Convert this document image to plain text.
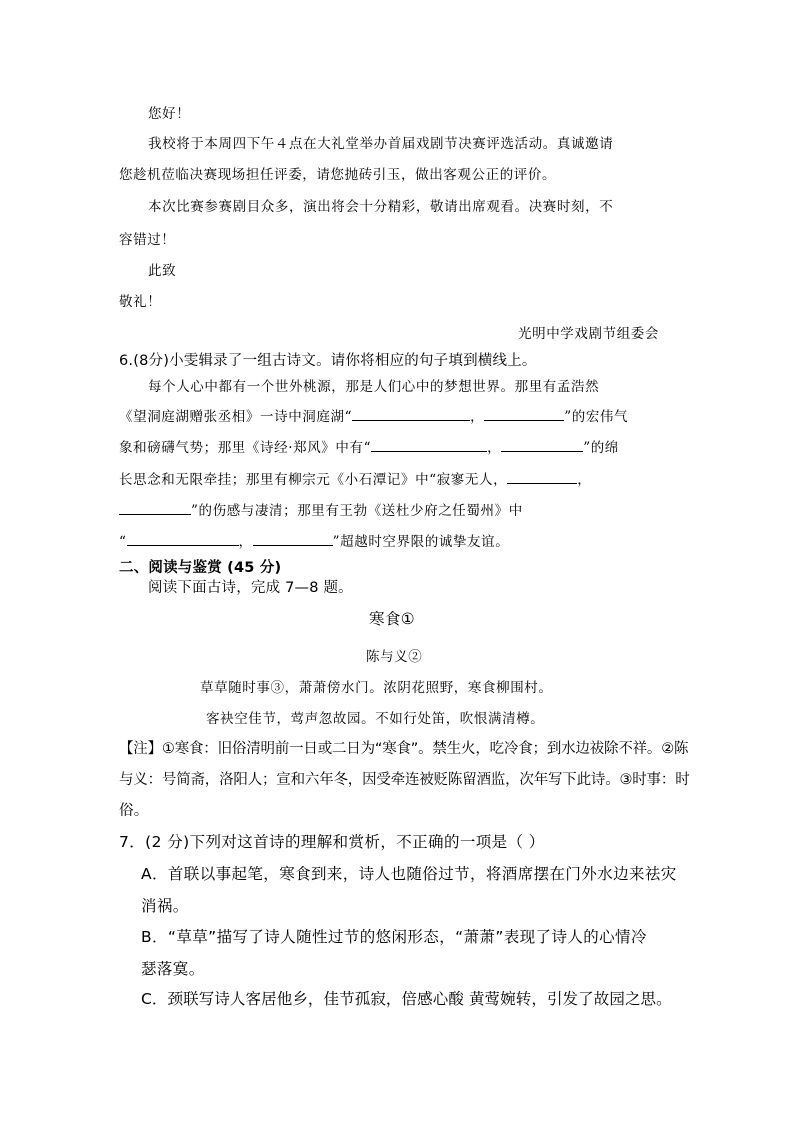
您好！
我校将于本周四下午４点在大礼堂举办首届戏剧节决赛评选活动。真诚邀请
您趁机莅临决赛现场担任评委，请您抛砖引玉，做出客观公正的评价。
本次比赛参赛剧目众多，演出将会十分精彩，敬请出席观看。决赛时刻，不
容错过！
此致
敬礼！
光明中学戏剧节组委会
6.(8分)小雯辑录了一组古诗文。请你将相应的句子填到横线上。
每个人心中都有一个世外桃源，那是人们心中的梦想世界。那里有孟浩然
《望洞庭湖赠张丞相》一诗中洞庭湖“	，	”的宏伟气
象和磅礴气势；那里《诗经·郑风》中有“	，	”的绵
长思念和无限牵挂；那里有柳宗元《小石潭记》中“寂寥无人，	，
”的伤感与凄清；那里有王勃《送杜少府之任蜀州》中
“	，	”超越时空界限的诚挚友谊。
二、阅读与鉴赏 (45 分)
阅读下面古诗，完成 7—8 题。
寒食①
陈与义②
草草随时事③，萧萧傍水门。浓阴花照野，寒食柳围村。
客袂空佳节，莺声忽故园。不如行处笛，吹恨满清樽。
【注】①寒食：旧俗清明前一日或二日为“寒食”。禁生火，吃冷食；到水边祓除不祥。②陈
与义：号简斋，洛阳人；宣和六年冬，因受牵连被贬陈留酒监，次年写下此诗。③时事：时
俗。
7．(2 分)下列对这首诗的理解和赏析，不正确的一项是（ ）
A．首联以事起笔，寒食到来，诗人也随俗过节，将酒席摆在门外水边来祛灾
消祸。
B．“草草”描写了诗人随性过节的悠闲形态，“萧萧”表现了诗人的心情冷
瑟落寞。
C．颈联写诗人客居他乡，佳节孤寂，倍感心酸 黄莺婉转，引发了故园之思。
